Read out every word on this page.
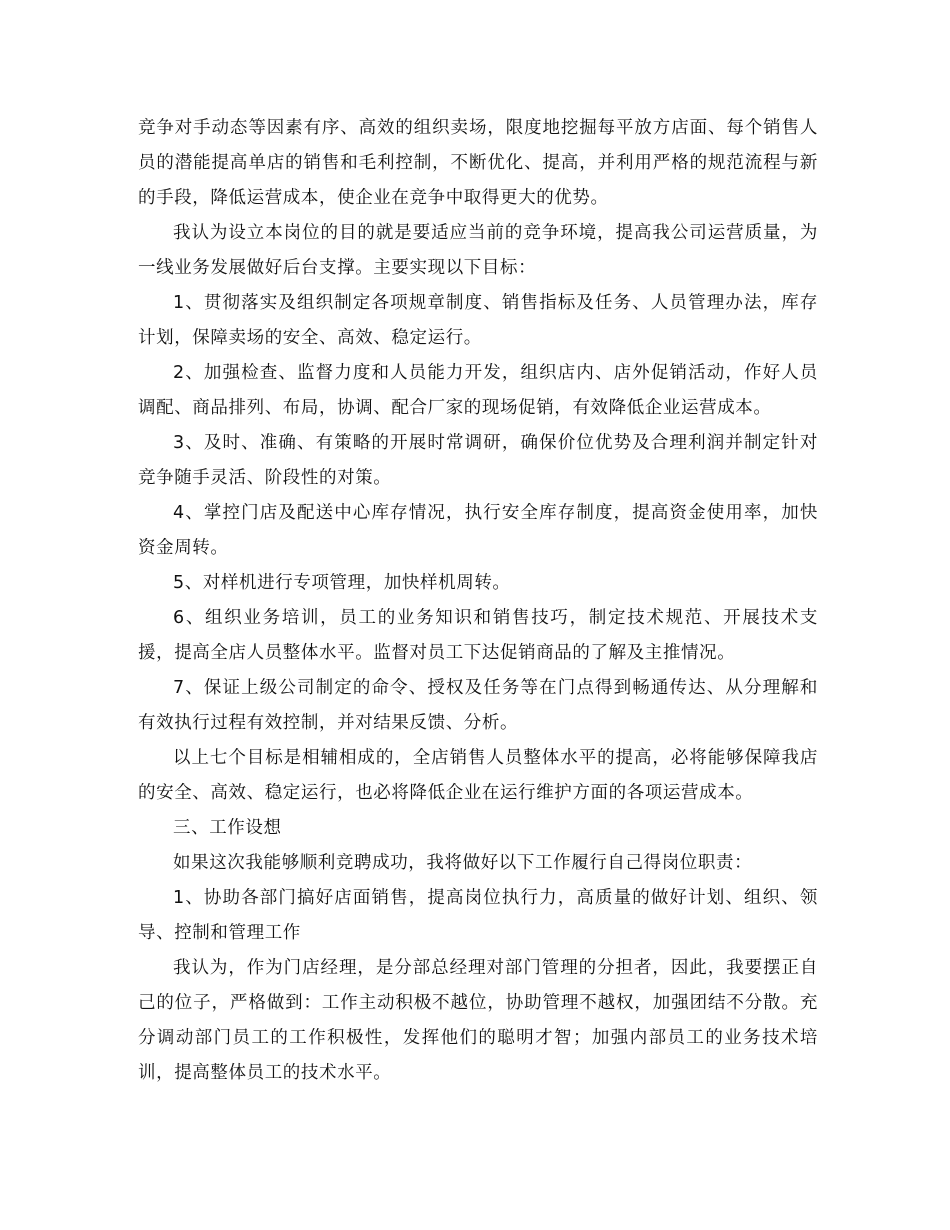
竞争对手动态等因素有序、高效的组织卖场，限度地挖掘每平放方店面、每个销售人员的潜能提高单店的销售和毛利控制，不断优化、提高，并利用严格的规范流程与新的手段，降低运营成本，使企业在竞争中取得更大的优势。

我认为设立本岗位的目的就是要适应当前的竞争环境，提高我公司运营质量，为一线业务发展做好后台支撑。主要实现以下目标：

1、贯彻落实及组织制定各项规章制度、销售指标及任务、人员管理办法，库存计划，保障卖场的安全、高效、稳定运行。

2、加强检查、监督力度和人员能力开发，组织店内、店外促销活动，作好人员调配、商品排列、布局，协调、配合厂家的现场促销，有效降低企业运营成本。

3、及时、准确、有策略的开展时常调研，确保价位优势及合理利润并制定针对竞争随手灵活、阶段性的对策。

4、掌控门店及配送中心库存情况，执行安全库存制度，提高资金使用率，加快资金周转。

5、对样机进行专项管理，加快样机周转。

6、组织业务培训，员工的业务知识和销售技巧，制定技术规范、开展技术支援，提高全店人员整体水平。监督对员工下达促销商品的了解及主推情况。

7、保证上级公司制定的命令、授权及任务等在门点得到畅通传达、从分理解和有效执行过程有效控制，并对结果反馈、分析。

以上七个目标是相辅相成的，全店销售人员整体水平的提高，必将能够保障我店的安全、高效、稳定运行，也必将降低企业在运行维护方面的各项运营成本。

三、工作设想

如果这次我能够顺利竞聘成功，我将做好以下工作履行自己得岗位职责：

1、协助各部门搞好店面销售，提高岗位执行力，高质量的做好计划、组织、领导、控制和管理工作

我认为，作为门店经理，是分部总经理对部门管理的分担者，因此，我要摆正自己的位子，严格做到：工作主动积极不越位，协助管理不越权，加强团结不分散。充分调动部门员工的工作积极性，发挥他们的聪明才智；加强内部员工的业务技术培训，提高整体员工的技术水平。
